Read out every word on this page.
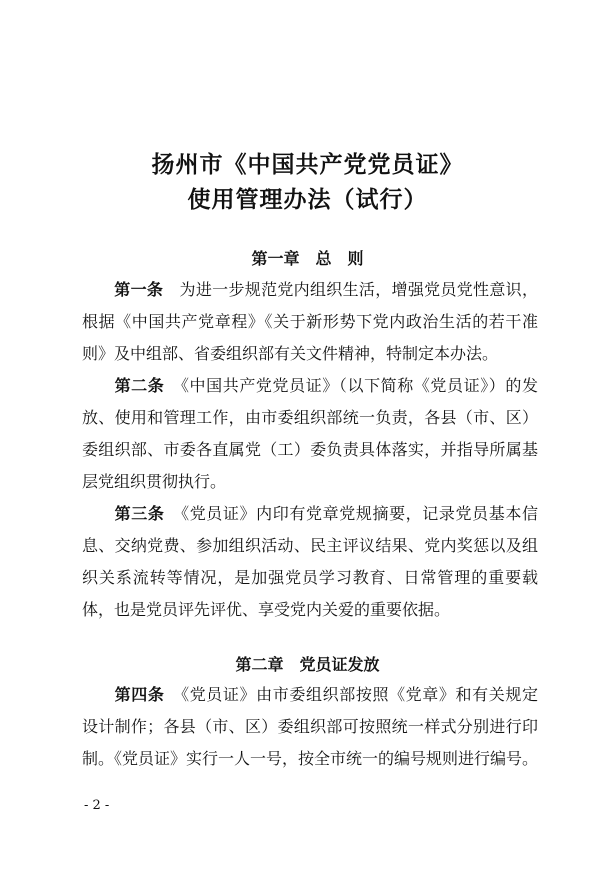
扬州市《中国共产党党员证》
使用管理办法（试行）
第一章　总　则
第一条　为进一步规范党内组织生活，增强党员党性意识，根据《中国共产党章程》《关于新形势下党内政治生活的若干准则》及中组部、省委组织部有关文件精神，特制定本办法。
第二条　《中国共产党党员证》（以下简称《党员证》）的发放、使用和管理工作，由市委组织部统一负责，各县（市、区）委组织部、市委各直属党（工）委负责具体落实，并指导所属基层党组织贯彻执行。
第三条　《党员证》内印有党章党规摘要，记录党员基本信息、交纳党费、参加组织活动、民主评议结果、党内奖惩以及组织关系流转等情况，是加强党员学习教育、日常管理的重要载体，也是党员评先评优、享受党内关爱的重要依据。
第二章　党员证发放
第四条　《党员证》由市委组织部按照《党章》和有关规定设计制作；各县（市、区）委组织部可按照统一样式分别进行印制。《党员证》实行一人一号，按全市统一的编号规则进行编号。
- 2 -
